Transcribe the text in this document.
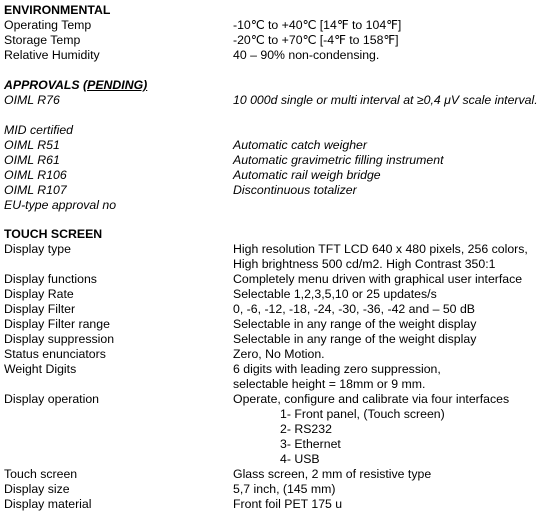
ENVIRONMENTAL
Operating Temp	-10℃ to +40℃ [14℉ to 104℉]
Storage Temp	-20℃ to +70℃ [-4℉ to 158℉]
Relative Humidity	40 – 90% non-condensing.
APPROVALS (PENDING)
OIML R76	10 000d single or multi interval at ≥0,4 μV scale interval.
MID certified
OIML R51	Automatic catch weigher
OIML R61	Automatic gravimetric filling instrument
OIML R106	Automatic rail weigh bridge
OIML R107	Discontinuous totalizer
EU-type approval no
TOUCH SCREEN
Display type	High resolution TFT LCD 640 x 480 pixels, 256 colors,
High brightness 500 cd/m2. High Contrast 350:1
Display functions	Completely menu driven with graphical user interface
Display Rate	Selectable 1,2,3,5,10 or 25 updates/s
Display Filter	0, -6, -12, -18, -24, -30, -36, -42 and – 50 dB
Display Filter range	Selectable in any range of the weight display
Display suppression	Selectable in any range of the weight display
Status enunciators	Zero, No Motion.
Weight Digits	6 digits with leading zero suppression,
selectable height = 18mm or 9 mm.
Display operation	Operate, configure and calibrate via four interfaces
1- Front panel, (Touch screen)
2- RS232
3- Ethernet
4- USB
Touch screen	Glass screen, 2 mm of resistive type
Display size	5,7 inch, (145 mm)
Display material	Front foil PET 175 u
